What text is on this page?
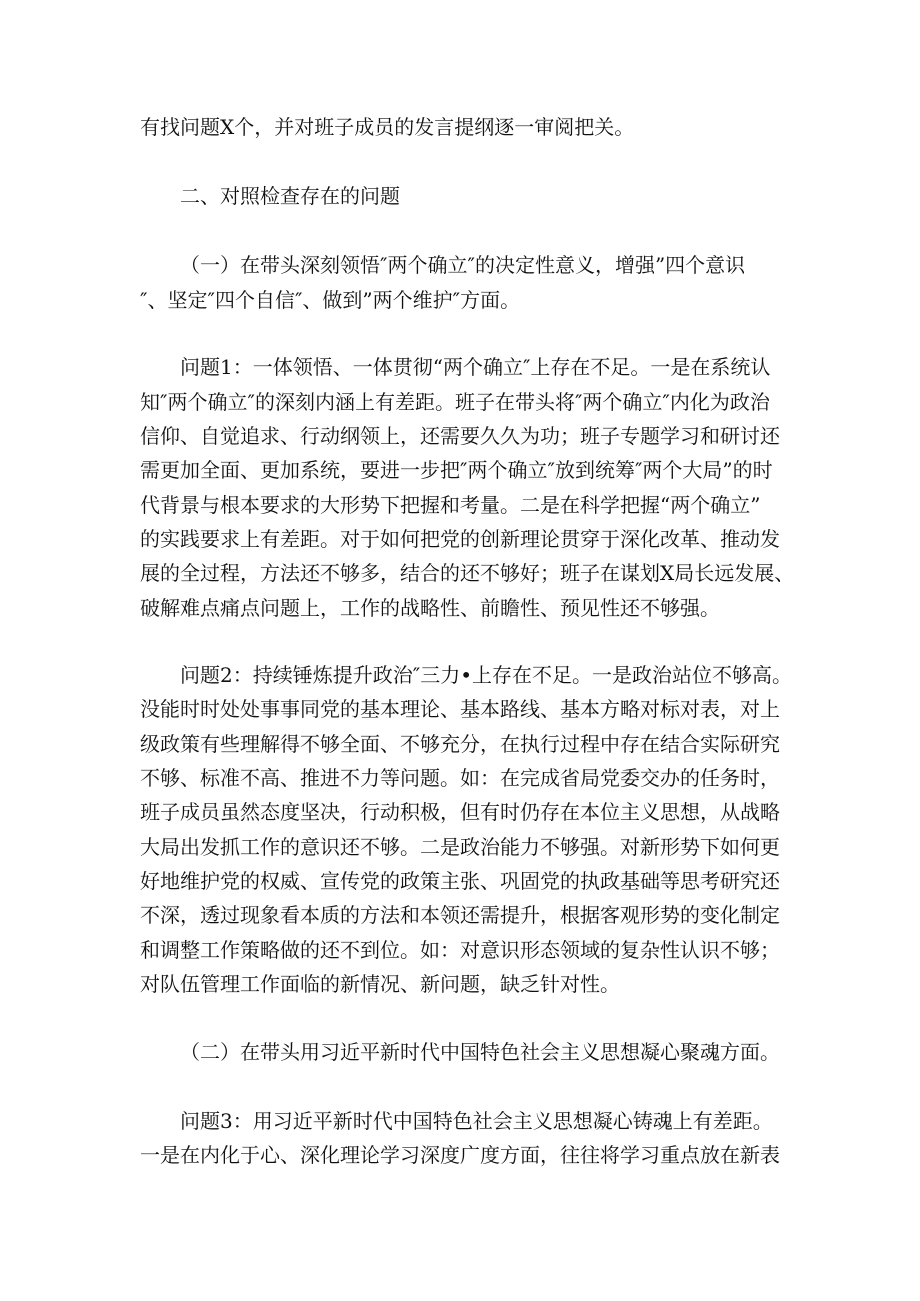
有找问题X个，并对班子成员的发言提纲逐一审阅把关。
二、对照检查存在的问题
（一）在带头深刻领悟″两个确立″的决定性意义，增强”四个意识
″、坚定″四个自信″、做到”两个维护″方面。
问题1：一体领悟、一体贯彻“两个确立″上存在不足。一是在系统认
知″两个确立″的深刻内涵上有差距。班子在带头将″两个确立″内化为政治
信仰、自觉追求、行动纲领上，还需要久久为功；班子专题学习和研讨还
需更加全面、更加系统，要进一步把″两个确立″放到统筹″两个大局”的时
代背景与根本要求的大形势下把握和考量。二是在科学把握“两个确立”
的实践要求上有差距。对于如何把党的创新理论贯穿于深化改革、推动发
展的全过程，方法还不够多，结合的还不够好；班子在谋划X局长远发展、
破解难点痛点问题上，工作的战略性、前瞻性、预见性还不够强。
问题2：持续锤炼提升政治″三力•上存在不足。一是政治站位不够高。
没能时时处处事事同党的基本理论、基本路线、基本方略对标对表，对上
级政策有些理解得不够全面、不够充分，在执行过程中存在结合实际研究
不够、标准不高、推进不力等问题。如：在完成省局党委交办的任务时，
班子成员虽然态度坚决，行动积极，但有时仍存在本位主义思想，从战略
大局出发抓工作的意识还不够。二是政治能力不够强。对新形势下如何更
好地维护党的权威、宣传党的政策主张、巩固党的执政基础等思考研究还
不深，透过现象看本质的方法和本领还需提升，根据客观形势的变化制定
和调整工作策略做的还不到位。如：对意识形态领域的复杂性认识不够；
对队伍管理工作面临的新情况、新问题，缺乏针对性。
（二）在带头用习近平新时代中国特色社会主义思想凝心聚魂方面。
问题3：用习近平新时代中国特色社会主义思想凝心铸魂上有差距。
一是在内化于心、深化理论学习深度广度方面，往往将学习重点放在新表
